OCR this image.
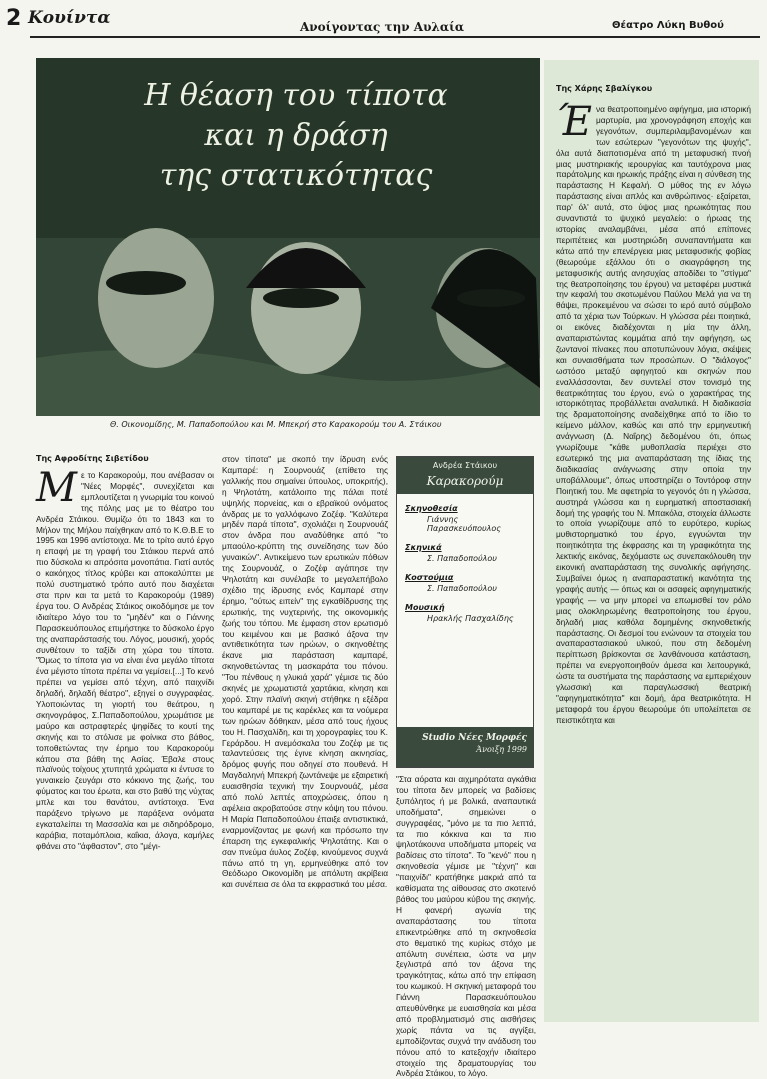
2 Κουίντα	Ανοίγοντας την Αυλαία	Θέατρο Λύκη Βυθού
Η θέαση του τίποτα
και η δράση
της στατικότητας
Θ. Οικονομίδης, Μ. Παπαδοπούλου και Μ. Μπεκρή στο Καρακορούμ του Α. Στάικου
Της Χάρης Σβαλίγκου
Έ να θεατροποιημένο αφήγημα, μια ιστορική μαρτυρία, μια χρονογράφηση εποχής και γεγονότων, συμπεριλαμβανομένων και των εσώτερων "γεγονότων της ψυχής", όλα αυτά διαποτισμένα από τη μεταφυσική πνοή μιας μυστηριακής ιερουργίας και ταυτόχρονα μιας παράτολμης και ηρωικής πράξης είναι η σύνθεση της παράστασης Η Κεφαλή. Ο μύθος της εν λόγω παράστασης είναι απλός και ανθρώπινος· εξαίρεται, παρ' όλ' αυτά, στο ύψος μιας ηρωικότητας που συναντιστά το ψυχικό μεγαλείο: ο ήρωας της ιστορίας αναλαμβάνει, μέσα από επίπονες περιπέτειες και μυστηριώδη συναπαντήματα και κάτω από την επενέργεια μιας μεταφυσικής φοβίας (θεωρούμε εξάλλου ότι ο σκιαγράφηση της μεταφυσικής αυτής ανησυχίας αποδίδει το "στίγμα" της θεατροποίησης του έργου) να μεταφέρει μυστικά την κεφαλή του σκοτωμένου Παύλου Μελά για να τη θάψει, προκειμένου να σώσει το ιερό αυτό σύμβολο από τα χέρια των Τούρκων. Η γλώσσα ρέει ποιητικά, οι εικόνες διαδέχονται η μία την άλλη, αναπαριστώντας κομμάτια από την αφήγηση, ως ζωντανοί πίνακες που αποτυπώνουν λόγια, σκέψεις και συναισθήματα των προσώπων. Ο "διάλογος" ωστόσο μεταξύ αφηγητού και σκηνών που εναλλάσσονται, δεν συντελεί στον τονισμό της θεατρικότητας του έργου, ενώ ο χαρακτήρας της ιστορικότητας προβάλλεται αναλυτικά. Η διαδικασία της δραματοποίησης αναδείχθηκε από το ίδιο το κείμενο μάλλον, καθώς και από την ερμηνευτική ανάγνωση (Δ. Ναΐρης) δεδομένου ότι, όπως γνωρίζουμε "κάθε μυθοπλασία περιέχει στο εσωτερικό της μια αναπαράσταση της ίδιας της διαδικασίας ανάγνωσης στην οποία την υποβάλλουμε", όπως υποστηρίζει ο Τοντόροφ στην Ποιητική του. Με αφετηρία το γεγονός ότι η γλώσσα, αυστηρά γλώσσα και η ευρηματική αποστασιακή δομή της γραφής του Ν. Μπακόλα, στοιχεία άλλωστε το οποία γνωρίζουμε από το ευρύτερο, κυρίως μυθιστορηματικό του έργο, εγγυώνται την ποιητικότητα της έκφρασης και τη γραφικότητα της λεκτικής εικόνας, δεχόμαστε ως συνεπακόλουθη την εικονική αναπαράσταση της συνολικής αφήγησης. Συμβαίνει όμως η αναπαραστατική ικανότητα της γραφής αυτής — όπως και οι ασαφείς αφηγηματικής γραφής — να μην μπορεί να επωμισθεί τον ρόλο μιας ολοκληρωμένης θεατροποίησης του έργου, δηλαδή μιας καθόλα δομημένης σκηνοθετικής παράστασης. Οι δεσμοί του ενώνουν τα στοιχεία του αναπαραστασιακού υλικού, που στη δεδομένη περίπτωση βρίσκονται σε λανθάνουσα κατάσταση, πρέπει να ενεργοποιηθούν άμεσα και λειτουργικά, ώστε τα συστήματα της παράστασης να εμπεριέχουν γλωσσική και παραγλωσσική θεατρική "αφηγηματικότητα" και δομή, άρα θεατρικότητα. Η μεταφορά του έργου θεωρούμε ότι υπολείπεται σε πειστικότητα και
Της Αφροδίτης Σιβετίδου
Μ ε το Καρακορούμ, που ανέβασαν οι "Νέες Μορφές", συνεχίζεται και εμπλουτίζεται η γνωριμία του κοινού της πόλης μας με το θέατρο του Ανδρέα Στάικου. Θυμίζω ότι το 1843 και το Μήλον της Μήλου παίχθηκαν από το Κ.Θ.Β.Ε το 1995 και 1996 αντίστοιχα. Με το τρίτο αυτό έργο η επαφή με τη γραφή του Στάικου περνά από πιο δύσκολα κι απρόσιτα μονοπάτια. Γιατί αυτός ο κακόηχος τίτλος κρύβει και αποκαλύπτει με πολύ συστηματικό τρόπο αυτό που διαχέεται στα πριν και τα μετά το Καρακορούμ (1989) έργα του. Ο Ανδρέας Στάικος οικοδόμησε με τον ιδιαίτερο λόγο του το "μηδέν" και ο Γιάννης Παρασκευόπουλος επιμήστηκε το δύσκολο έργο της αναπαράστασής του. Λόγος, μουσική, χορός συνθέτουν το ταξίδι στη χώρα του τίποτα. "Όμως το τίποτα για να είναι ένα μεγάλο τίποτα ένα μέγιστο τίποτα πρέπει να γεμίσει.[...] Το κενό πρέπει να γεμίσει από τέχνη, από παιχνίδι δηλαδή, δηλαδή θέατρο", εξηγεί ο συγγραφέας. Υλοποιώντας τη γιορτή του θεάτρου, η σκηνογράφος, Σ.Παπαδοπούλου, χρωμάτισε με μαύρο και αστραφτερές ψηφίδες το κουτί της σκηνής και το στόλισε με φοίνικα στο βάθος, τοποθετώντας την έρημο του Καρακορούμ κάπου στα βάθη της Ασίας. Έβαλε στους πλαϊνούς τοίχους χτυπητά χρώματα κι έντυσε το γυναικείο ζευγάρι στο κόκκινο της ζωής, του φύματος και του έρωτα, και στο βαθύ της νύχτας μπλε και του θανάτου, αντίστοιχα. Ένα παράξενο τρίγωνο με παράξενα ονόματα εγκαταλείπει τη Μασσαλία και με σιδηρόδρομο, καράβια, ποταμόπλοια, καΐκια, άλογα, καμήλες φθάνει στο "άφθαστον", στο "μέγι-
στον τίποτα" με σκοπό την ίδρυση ενός Καμπαρέ: η Σουρνουάζ (επίθετο της γαλλικής που σημαίνει ύπουλος, υποκριτής), η Ψηλοτάτη, κατάλοιπο της πάλαι ποτέ υψηλής πορνείας, και ο εβραϊκού ονόματος άνδρας με το γαλλόφωνο Ζοζέφ. "Καλύτερα μηδέν παρά τίποτα", σχολιάζει η Σουρνουάζ στον άνδρα που αναδύθηκε από "το μπαούλο-κρύπτη της συνείδησης των δύο γυναικών". Αντικείμενο των ερωτικών πόθων της Σουρνουάζ, ο Ζοζέφ αγάπησε την Ψηλοτάτη και συνέλαβε το μεγαλεπήβολο σχέδιο της ίδρυσης ενός Καμπαρέ στην έρημο, "ούτως ειπείν" της εγκαθίδρυσης της ερωτικής, της νυχτερινής, της οικονομικής ζωής του τόπου. Με έμφαση στον ερωτισμό του κειμένου και με βασικό άξονα την αντιθετικότητα των ηρώων, ο σκηνοθέτης έκανε μια παράσταση καμπαρέ, σκηνοθετώντας τη μασκαράτα του πόνου. "Του πένθους η γλυκιά χαρά" γέμισε τις δύο σκηνές με χρωματιστά χαρτάκια, κίνηση και χορό. Στην πλαϊνή σκηνή στήθηκε η εξέδρα του καμπαρέ με τις καρέκλες και τα νούμερα των ηρώων δόθηκαν, μέσα από τους ήχους του Η. Πασχαλίδη, και τη χορογραφίες του Κ. Γεράρδου. Η ανεμόσκαλα του Ζοζέφ με τις ταλαντεύσεις της έγινε κίνηση ακινησίας, δρόμος φυγής που οδηγεί στο πουθενά. Η Μαγδαληνή Μπεκρή ζωντάνεψε με εξαιρετική ευαισθησία τεχνική την Σουρνουάζ, μέσα από πολύ λεπτές αποχρώσεις, όπου η αφέλεια ακροβατούσε στην κόψη του πόνου. Η Μαρία Παπαδοπούλου έπαιξε αντιστικτικά, εναρμονίζοντας με φωνή και πρόσωπο την έπαρση της εγκεφαλικής Ψηλοτάτης. Και ο σαν πνεύμα άυλος Ζοζέφ, κινούμενος συχνά πάνω από τη γη, ερμηνεύθηκε από τον Θεόδωρο Οικονομίδη με απόλυτη ακρίβεια και συνέπεια σε όλα τα εκφραστικά του μέσα.
Ανδρέα Στάικου
Καρακορούμ
Σκηνοθεσία
Γιάννης Παρασκευόπουλος
Σκηνικά
Σ. Παπαδοπούλου
Κοστούμια
Σ. Παπαδοπούλου
Μουσική
Ηρακλής Πασχαλίδης
Studio Νέες Μορφές
Άνοιξη 1999
"Στα αόρατα και αιχμηρότατα αγκάθια του τίποτα δεν μπορείς να βαδίσεις ξυπόλητος ή με βολικά, αναπαυτικά υποδήματα", σημειώνει ο συγγραφέας, "μόνο με τα πιο λεπτά, τα πιο κόκκινα και τα πιο ψηλοτάκουνα υποδήματα μπορείς να βαδίσεις στο τίποτα". Το "κενό" που η σκηνοθεσία γέμισε με "τέχνη" και "παιχνίδι" κρατήθηκε μακριά από τα καθίσματα της αίθουσας στο σκοτεινό βάθος του μαύρου κύβου της σκηνής. Η φανερή αγωνία της αναπαράστασης του τίποτα επικεντρώθηκε από τη σκηνοθεσία στο θεματικό της κυρίως στόχο με απόλυτη συνέπεια, ώστε να μην ξεγλιστρά από τον άξονα της τραγικότητας, κάτω από την επίφαση του κωμικού. Η σκηνική μεταφορά του Γιάννη Παρασκευόπουλου απευθύνθηκε με ευαισθησία και μέσα από προβληματισμό στις αισθήσεις χωρίς πάντα να τις αγγίξει, εμποδίζοντας συχνά την ανάδυση του πόνου από το κατεξοχήν ιδιαίτερο στοιχείο της δραματουργίας του Ανδρέα Στάικου, το λόγο.
